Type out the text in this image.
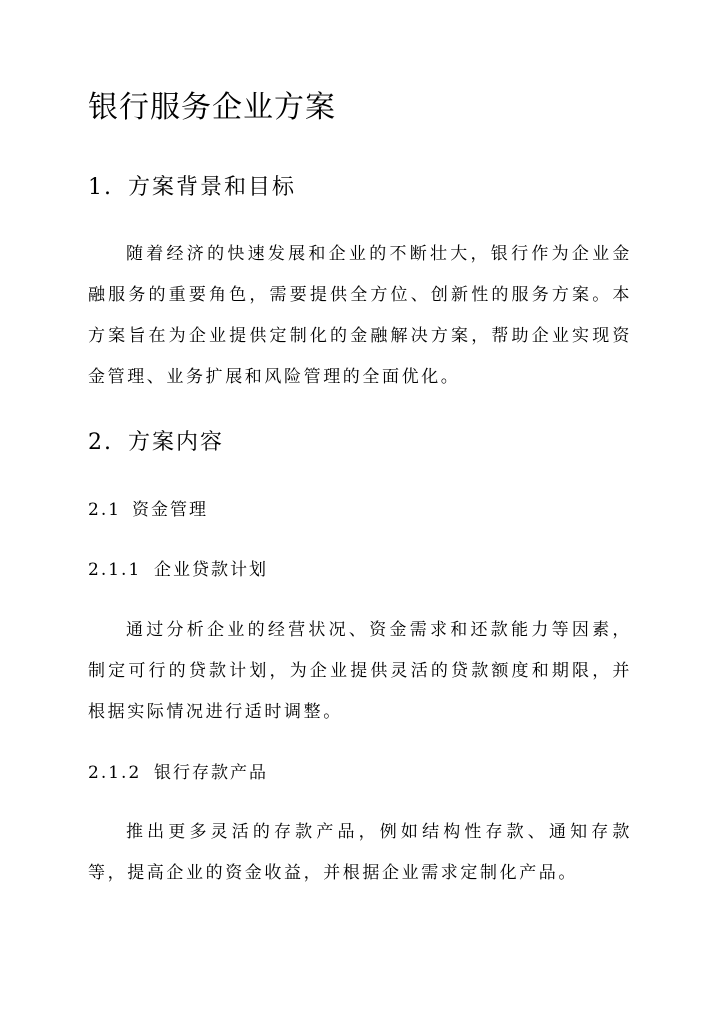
银行服务企业方案
1. 方案背景和目标

随着经济的快速发展和企业的不断壮大，银行作为企业金融服务的重要角色，需要提供全方位、创新性的服务方案。本方案旨在为企业提供定制化的金融解决方案，帮助企业实现资金管理、业务扩展和风险管理的全面优化。

2. 方案内容
2.1 资金管理
2.1.1 企业贷款计划

通过分析企业的经营状况、资金需求和还款能力等因素，制定可行的贷款计划，为企业提供灵活的贷款额度和期限，并根据实际情况进行适时调整。

2.1.2 银行存款产品

推出更多灵活的存款产品，例如结构性存款、通知存款等，提高企业的资金收益，并根据企业需求定制化产品。
